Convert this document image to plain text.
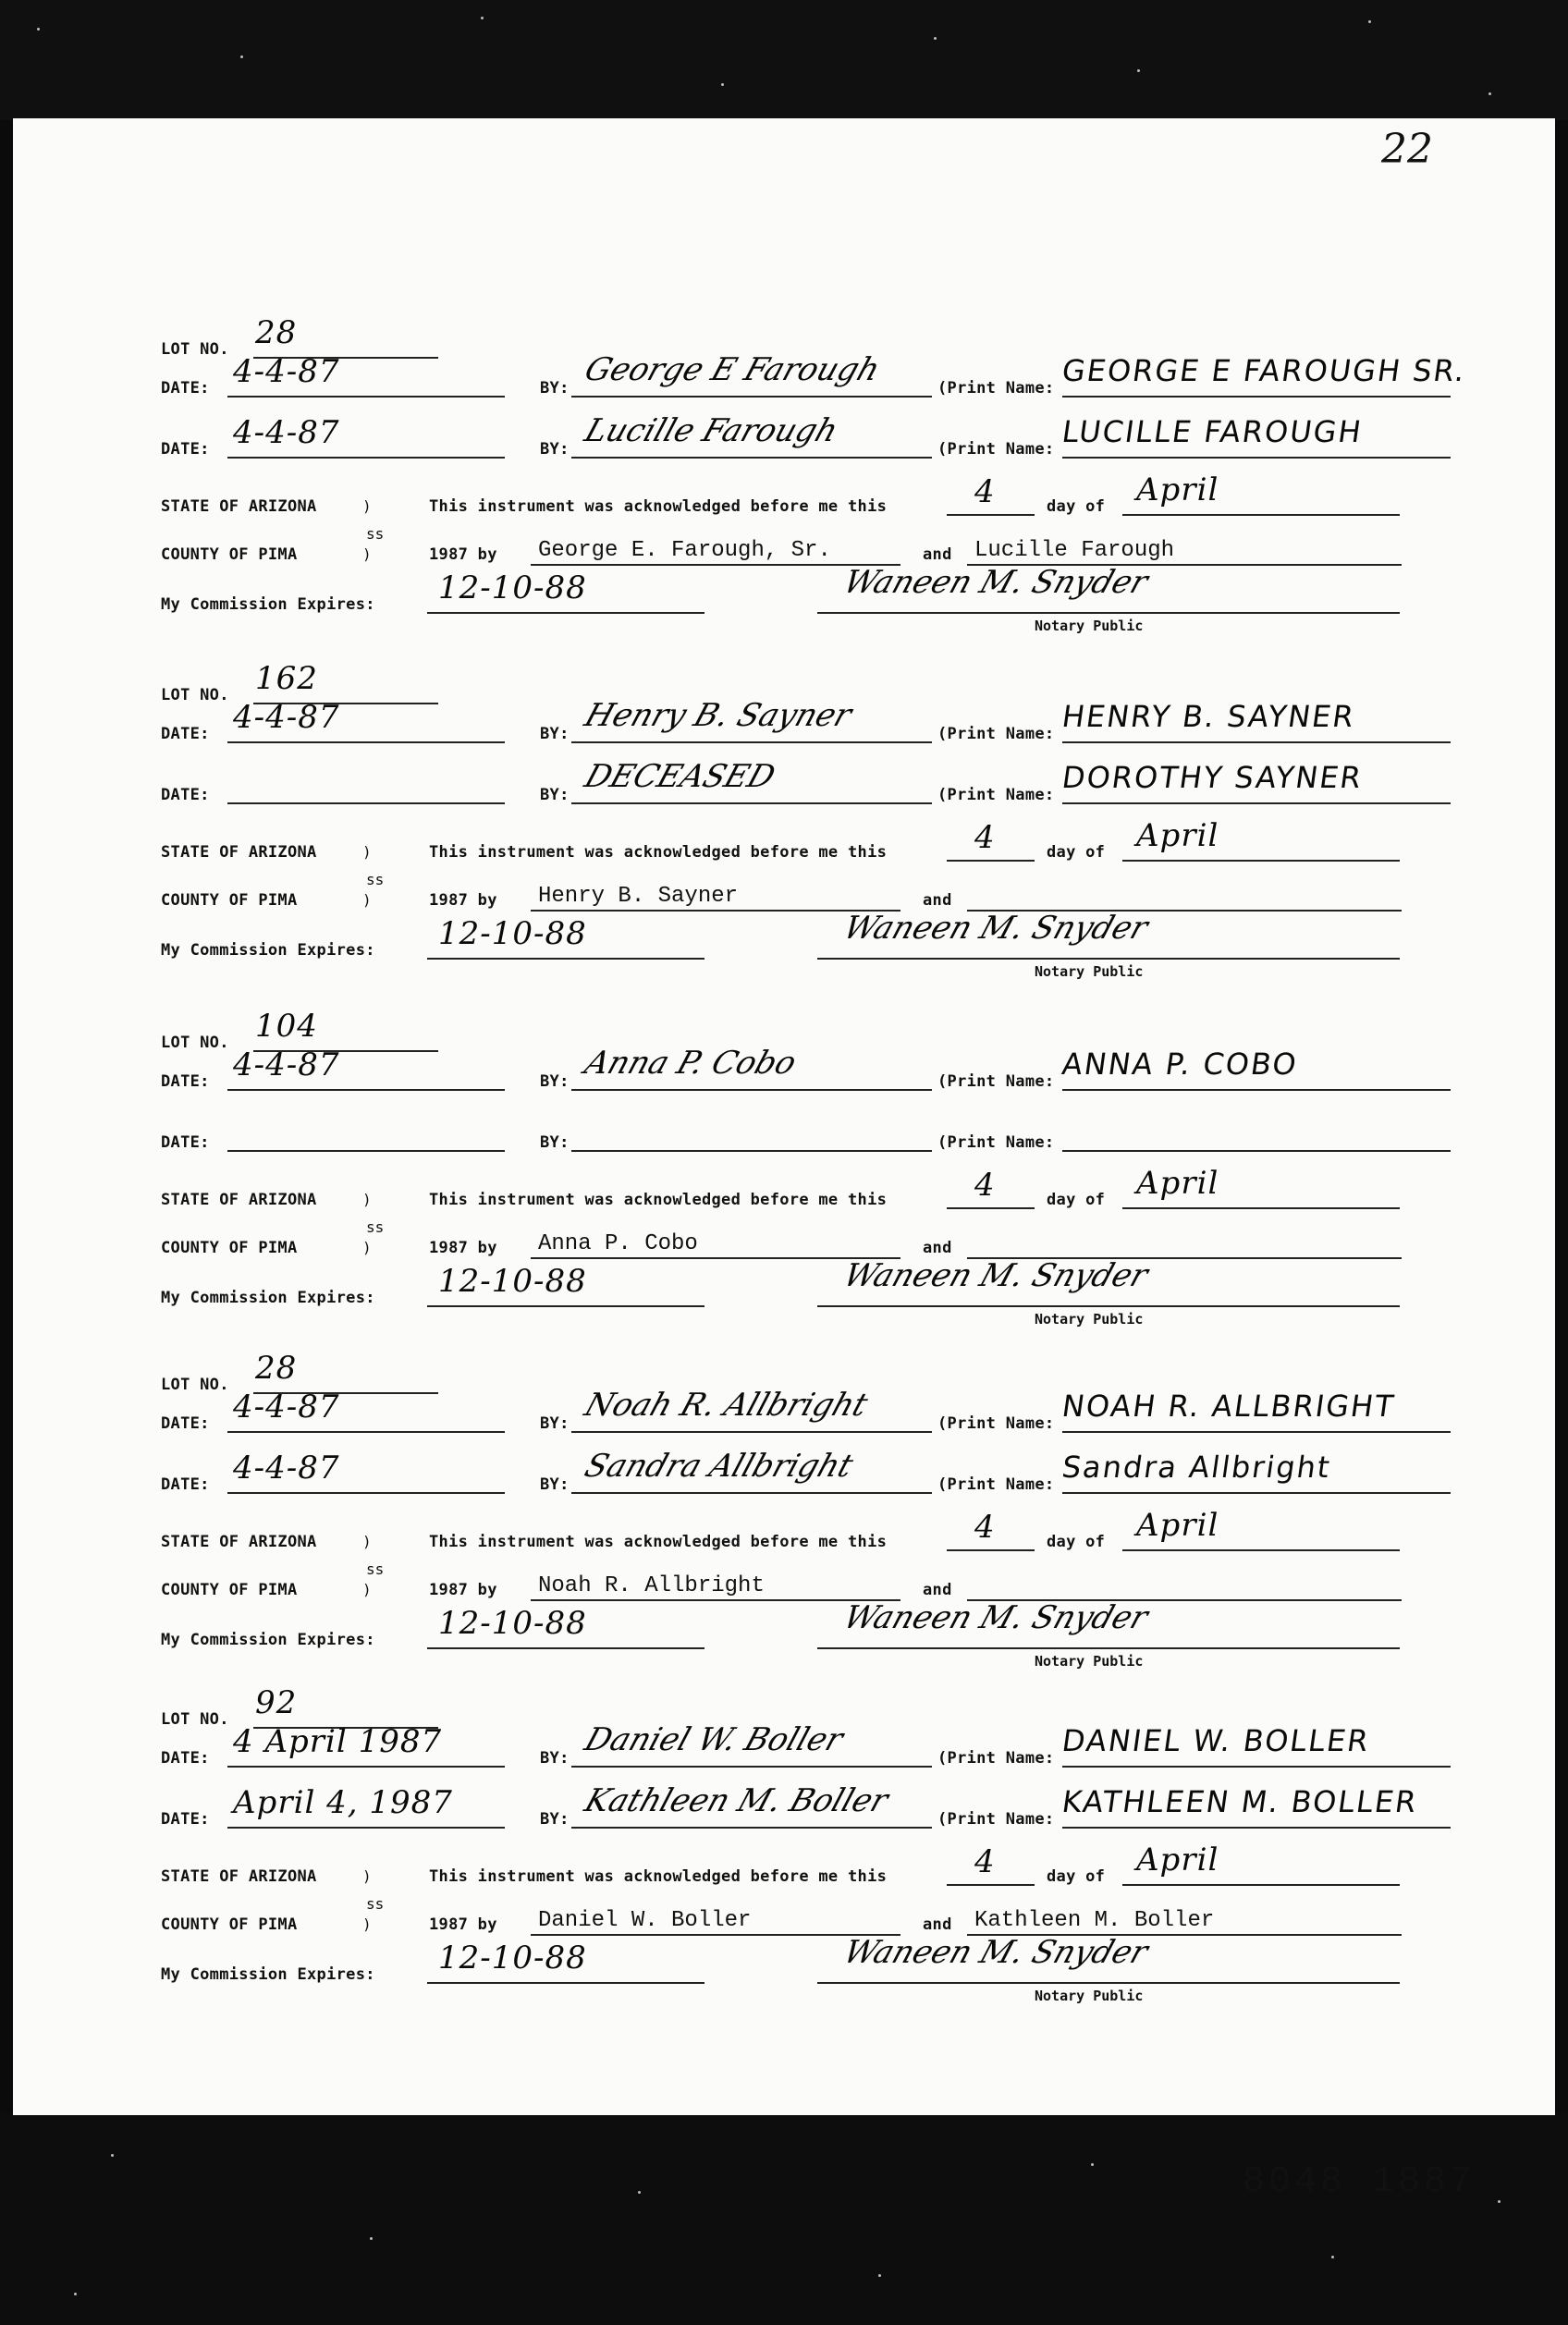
22
LOT NO. 28
DATE: 4-4-87	BY: George E Farough	(Print Name: GEORGE E FAROUGH SR.
DATE: 4-4-87	BY: Lucille Farough	(Print Name: LUCILLE FAROUGH
STATE OF ARIZONA	)	This instrument was acknowledged before me this	4	day of April
ss
COUNTY OF PIMA	)	1987 by George E. Farough, Sr.	and Lucille Farough
My Commission Expires: 12-10-88	Waneen M. Snyder
Notary Public
LOT NO. 162
DATE: 4-4-87	BY: Henry B. Sayner	(Print Name: HENRY B. SAYNER
DATE:	BY: DECEASED	(Print Name: DOROTHY SAYNER
STATE OF ARIZONA	)	This instrument was acknowledged before me this	4	day of April
ss
COUNTY OF PIMA	)	1987 by Henry B. Sayner	and
My Commission Expires: 12-10-88	Waneen M. Snyder
Notary Public
LOT NO. 104
DATE: 4-4-87	BY: Anna P. Cobo	(Print Name: ANNA P. COBO
DATE:	BY:	(Print Name:
STATE OF ARIZONA	)	This instrument was acknowledged before me this	4	day of April
ss
COUNTY OF PIMA	)	1987 by Anna P. Cobo	and
My Commission Expires: 12-10-88	Waneen M. Snyder
Notary Public
LOT NO. 28
DATE: 4-4-87	BY: Noah R. Allbright	(Print Name: NOAH R. ALLBRIGHT
DATE: 4-4-87	BY: Sandra Allbright	(Print Name: Sandra Allbright
STATE OF ARIZONA	)	This instrument was acknowledged before me this	4	day of April
ss
COUNTY OF PIMA	)	1987 by Noah R. Allbright	and
My Commission Expires: 12-10-88	Waneen M. Snyder
Notary Public
LOT NO. 92
DATE: 4 April 1987	BY: Daniel W. Boller	(Print Name: DANIEL W. BOLLER
DATE: April 4, 1987	BY: Kathleen M. Boller	(Print Name: KATHLEEN M. BOLLER
STATE OF ARIZONA	)	This instrument was acknowledged before me this	4	day of April
ss
COUNTY OF PIMA	)	1987 by Daniel W. Boller	and Kathleen M. Boller
My Commission Expires: 12-10-88	Waneen M. Snyder
Notary Public
8048 1887
